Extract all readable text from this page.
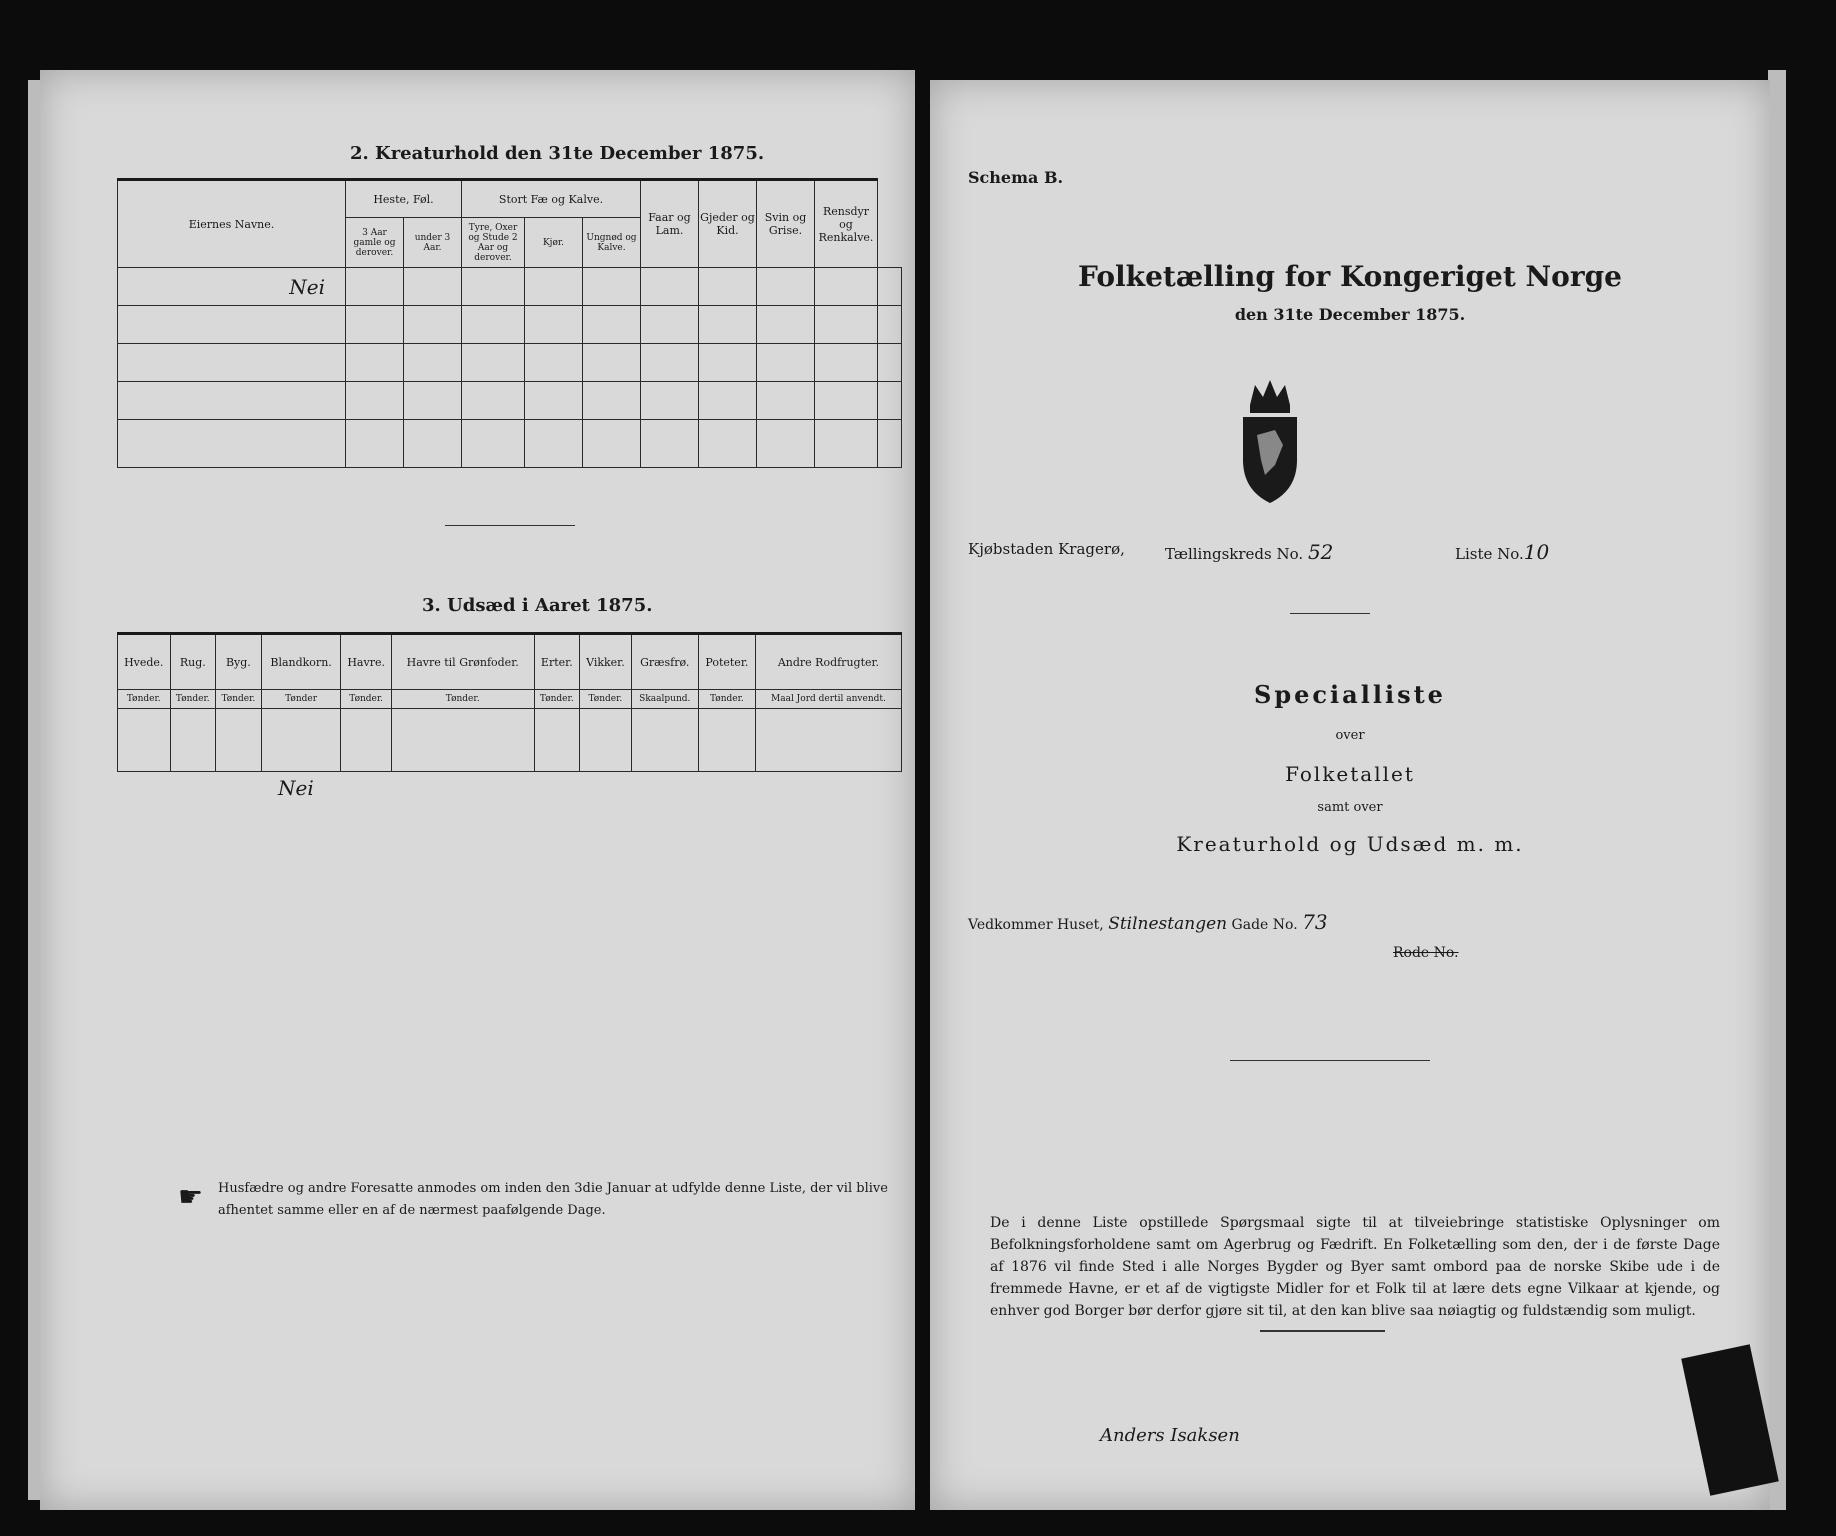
2. Kreaturhold den 31te December 1875.
Eiernes Navne.	Heste, Føl.		Stort Fæ og Kalve.			Faar og Lam.	Gjeder og Kid.	Svin og Grise.	Rensdyr og Renkalve.	
	3 Aar gamle og derover.	under 3 Aar.	Tyre, Oxer og Stude 2 Aar og derover.	Kjør.	Ungnød og Kalve.					
Nei										

3. Udsæd i Aaret 1875.
Hvede.	Rug.	Byg.	Blandkorn.	Havre.	Havre til Grønfoder.	Erter.	Vikker.	Græsfrø.	Poteter.	Andre Rodfrugter.
Tønder.	Tønder.	Tønder.	Tønder	Tønder.	Tønder.	Tønder.	Tønder.	Skaalpund.	Tønder.	Maal Jord dertil anvendt.

Nei
☛ Husfædre og andre Foresatte anmodes om inden den 3die Januar at udfylde denne Liste, der vil blive afhentet samme eller en af de nærmest paafølgende Dage.
Schema B.
Folketælling for Kongeriget Norge
den 31te December 1875.
Kjøbstaden Kragerø,	Tællingskreds No. 52	Liste No.10
Specialliste
over
Folketallet
samt over
Kreaturhold og Udsæd m. m.
Vedkommer Huset, Stilnestangen Gade No. 73
Rode No.
De i denne Liste opstillede Spørgsmaal sigte til at tilveiebringe statistiske Oplysninger om Befolkningsforholdene samt om Agerbrug og Fædrift. En Folketælling som den, der i de første Dage af 1876 vil finde Sted i alle Norges Bygder og Byer samt ombord paa de norske Skibe ude i de fremmede Havne, er et af de vigtigste Midler for et Folk til at lære dets egne Vilkaar at kjende, og enhver god Borger bør derfor gjøre sit til, at den kan blive saa nøiagtig og fuldstændig som muligt.
Anders Isaksen
